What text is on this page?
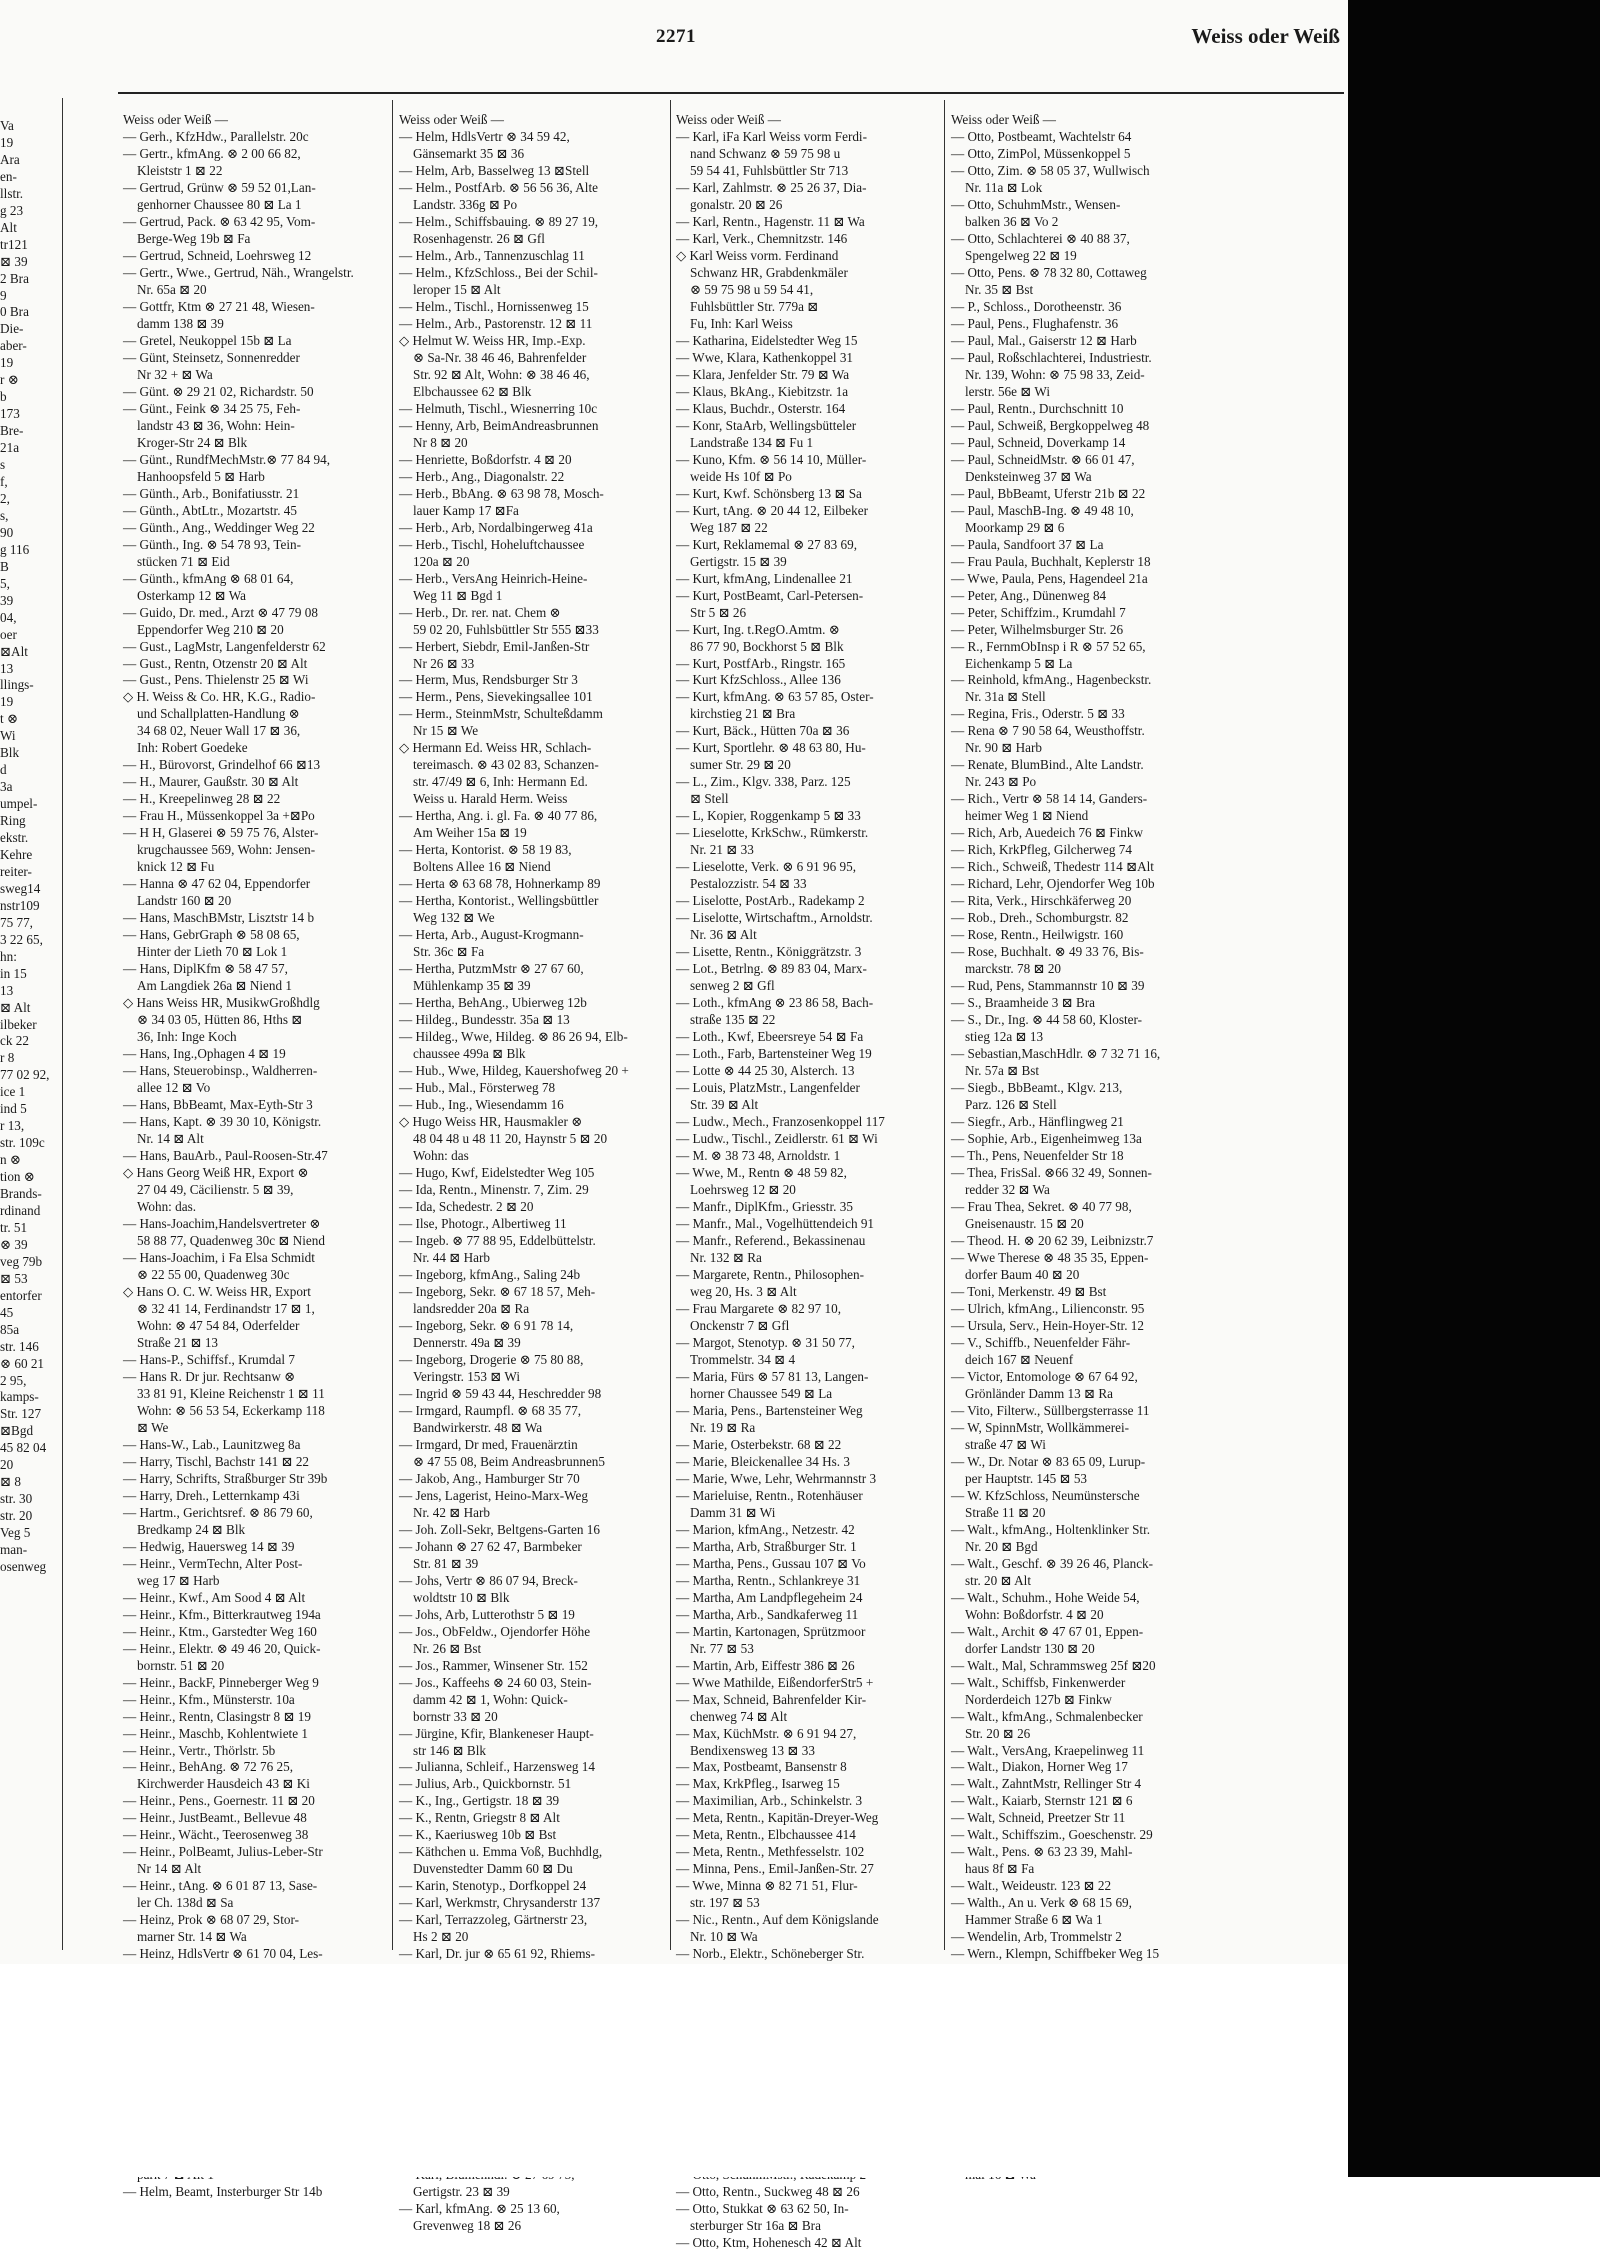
2271	Weiss oder Weiß
Va
19
Ara
en-
llstr.
g 23
Alt
tr121
⊠ 39
2 Bra
9
0 Bra
Die-
aber-
19
r ⊗
b
173
Bre-
21a
s
f,
2,
s,
90
g 116
B
5,
39
04,
oer
⊠Alt
13
llings-
19
t ⊗
Wi
Blk
d
3a
umpel-
Ring
ekstr.
Kehre
reiter-
sweg14
nstr109
75 77,
3 22 65,
hn:
in 15
13
⊠ Alt
ilbeker
ck 22
r 8
77 02 92,
ice 1
ind 5
r 13,
str. 109c
n ⊗
tion ⊗
Brands-
rdinand
tr. 51
⊗ 39
veg 79b
⊠ 53
entorfer
45
85a
str. 146
⊗ 60 21
2 95,
kamps-
Str. 127
⊠Bgd
45 82 04
20
⊠ 8
str. 30
str. 20
Veg 5
man-
osenweg
Weiss oder Weiß —
— Gerh., KfzHdw., Parallelstr. 20c
— Gertr., kfmAng. ⊗ 2 00 66 82,
Kleiststr 1 ⊠ 22
— Gertrud, Grünw ⊗ 59 52 01,Lan-
genhorner Chaussee 80 ⊠ La 1
— Gertrud, Pack. ⊗ 63 42 95, Vom-
Berge-Weg 19b ⊠ Fa
— Gertrud, Schneid, Loehrsweg 12
— Gertr., Wwe., Gertrud, Näh., Wrangelstr.
Nr. 65a ⊠ 20
— Gottfr, Ktm ⊗ 27 21 48, Wiesen-
damm 138 ⊠ 39
— Gretel, Neukoppel 15b ⊠ La
— Günt, Steinsetz, Sonnenredder
Nr 32 + ⊠ Wa
— Günt. ⊗ 29 21 02, Richardstr. 50
— Günt., Feink ⊗ 34 25 75, Feh-
landstr 43 ⊠ 36, Wohn: Hein-
Kroger-Str 24 ⊠ Blk
— Günt., RundfMechMstr.⊗ 77 84 94,
Hanhoopsfeld 5 ⊠ Harb
— Günth., Arb., Bonifatiusstr. 21
— Günth., AbtLtr., Mozartstr. 45
— Günth., Ang., Weddinger Weg 22
— Günth., Ing. ⊗ 54 78 93, Tein-
stücken 71 ⊠ Eid
— Günth., kfmAng ⊗ 68 01 64,
Osterkamp 12 ⊠ Wa
— Guido, Dr. med., Arzt ⊗ 47 79 08
Eppendorfer Weg 210 ⊠ 20
— Gust., LagMstr, Langenfelderstr 62
— Gust., Rentn, Otzenstr 20 ⊠ Alt
— Gust., Pens. Thielenstr 25 ⊠ Wi
◇ H. Weiss & Co. HR, K.G., Radio-
und Schallplatten-Handlung ⊗
34 68 02, Neuer Wall 17 ⊠ 36,
Inh: Robert Goedeke
— H., Bürovorst, Grindelhof 66 ⊠13
— H., Maurer, Gaußstr. 30 ⊠ Alt
— H., Kreepelinweg 28 ⊠ 22
— Frau H., Müssenkoppel 3a +⊠Po
— H H, Glaserei ⊗ 59 75 76, Alster-
krugchaussee 569, Wohn: Jensen-
knick 12 ⊠ Fu
— Hanna ⊗ 47 62 04, Eppendorfer
Landstr 160 ⊠ 20
— Hans, MaschBMstr, Lisztstr 14 b
— Hans, GebrGraph ⊗ 58 08 65,
Hinter der Lieth 70 ⊠ Lok 1
— Hans, DiplKfm ⊗ 58 47 57,
Am Langdiek 26a ⊠ Niend 1
◇ Hans Weiss HR, MusikwGroßhdlg
⊗ 34 03 05, Hütten 86, Hths ⊠
36, Inh: Inge Koch
— Hans, Ing.,Ophagen 4 ⊠ 19
— Hans, Steuerobinsp., Waldherren-
allee 12 ⊠ Vo
— Hans, BbBeamt, Max-Eyth-Str 3
— Hans, Kapt. ⊗ 39 30 10, Königstr.
Nr. 14 ⊠ Alt
— Hans, BauArb., Paul-Roosen-Str.47
◇ Hans Georg Weiß HR, Export ⊗
27 04 49, Cäcilienstr. 5 ⊠ 39,
Wohn: das.
— Hans-Joachim,Handelsvertreter ⊗
58 88 77, Quadenweg 30c ⊠ Niend
— Hans-Joachim, i Fa Elsa Schmidt
⊗ 22 55 00, Quadenweg 30c
◇ Hans O. C. W. Weiss HR, Export
⊗ 32 41 14, Ferdinandstr 17 ⊠ 1,
Wohn: ⊗ 47 54 84, Oderfelder
Straße 21 ⊠ 13
— Hans-P., Schiffsf., Krumdal 7
— Hans R. Dr jur. Rechtsanw ⊗
33 81 91, Kleine Reichenstr 1 ⊠ 11
Wohn: ⊗ 56 53 54, Eckerkamp 118
⊠ We
— Hans-W., Lab., Launitzweg 8a
— Harry, Tischl, Bachstr 141 ⊠ 22
— Harry, Schrifts, Straßburger Str 39b
— Harry, Dreh., Letternkamp 43i
— Hartm., Gerichtsref. ⊗ 86 79 60,
Bredkamp 24 ⊠ Blk
— Hedwig, Hauersweg 14 ⊠ 39
— Heinr., VermTechn, Alter Post-
weg 17 ⊠ Harb
— Heinr., Kwf., Am Sood 4 ⊠ Alt
— Heinr., Kfm., Bitterkrautweg 194a
— Heinr., Ktm., Garstedter Weg 160
— Heinr., Elektr. ⊗ 49 46 20, Quick-
bornstr. 51 ⊠ 20
— Heinr., BackF, Pinneberger Weg 9
— Heinr., Kfm., Münsterstr. 10a
— Heinr., Rentn, Clasingstr 8 ⊠ 19
— Heinr., Maschb, Kohlentwiete 1
— Heinr., Vertr., Thörlstr. 5b
— Heinr., BehAng. ⊗ 72 76 25,
Kirchwerder Hausdeich 43 ⊠ Ki
— Heinr., Pens., Goernestr. 11 ⊠ 20
— Heinr., JustBeamt., Bellevue 48
— Heinr., Wächt., Teerosenweg 38
— Heinr., PolBeamt, Julius-Leber-Str
Nr 14 ⊠ Alt
— Heinr., tAng. ⊗ 6 01 87 13, Sase-
ler Ch. 138d ⊠ Sa
— Heinz, Prok ⊗ 68 07 29, Stor-
marner Str. 14 ⊠ Wa
— Heinz, HdlsVertr ⊗ 61 70 04, Les-
— Helm, Beamt, Insterburger Str 14b
Weiss oder Weiß —
— Helm, HdlsVertr ⊗ 34 59 42,
Gänsemarkt 35 ⊠ 36
— Helm, Arb, Basselweg 13 ⊠Stell
— Helm., PostfArb. ⊗ 56 56 36, Alte
Landstr. 336g ⊠ Po
— Helm., Schiffsbauing. ⊗ 89 27 19,
Rosenhagenstr. 26 ⊠ Gfl
— Helm., Arb., Tannenzuschlag 11
— Helm., KfzSchloss., Bei der Schil-
leroper 15 ⊠ Alt
— Helm., Tischl., Hornissenweg 15
— Helm., Arb., Pastorenstr. 12 ⊠ 11
◇ Helmut W. Weiss HR, Imp.-Exp.
⊗ Sa-Nr. 38 46 46, Bahrenfelder
Str. 92 ⊠ Alt, Wohn: ⊗ 38 46 46,
Elbchaussee 62 ⊠ Blk
— Helmuth, Tischl., Wiesnerring 10c
— Henny, Arb, BeimAndreasbrunnen
Nr 8 ⊠ 20
— Henriette, Boßdorfstr. 4 ⊠ 20
— Herb., Ang., Diagonalstr. 22
— Herb., BbAng. ⊗ 63 98 78, Mosch-
lauer Kamp 17 ⊠Fa
— Herb., Arb, Nordalbingerweg 41a
— Herb., Tischl, Hoheluftchaussee
120a ⊠ 20
— Herb., VersAng Heinrich-Heine-
Weg 11 ⊠ Bgd 1
— Herb., Dr. rer. nat. Chem ⊗
59 02 20, Fuhlsbüttler Str 555 ⊠33
— Herbert, Siebdr, Emil-Janßen-Str
Nr 26 ⊠ 33
— Herm, Mus, Rendsburger Str 3
— Herm., Pens, Sievekingsallee 101
— Herm., SteinmMstr, Schulteßdamm
Nr 15 ⊠ We
◇ Hermann Ed. Weiss HR, Schlach-
tereimasch. ⊗ 43 02 83, Schanzen-
str. 47/49 ⊠ 6, Inh: Hermann Ed.
Weiss u. Harald Herm. Weiss
— Hertha, Ang. i. gl. Fa. ⊗ 40 77 86,
Am Weiher 15a ⊠ 19
— Herta, Kontorist. ⊗ 58 19 83,
Boltens Allee 16 ⊠ Niend
— Herta ⊗ 63 68 78, Hohnerkamp 89
— Hertha, Kontorist., Wellingsbüttler
Weg 132 ⊠ We
— Herta, Arb., August-Krogmann-
Str. 36c ⊠ Fa
— Hertha, PutzmMstr ⊗ 27 67 60,
Mühlenkamp 35 ⊠ 39
— Hertha, BehAng., Ubierweg 12b
— Hildeg., Bundesstr. 35a ⊠ 13
— Hildeg., Wwe, Hildeg. ⊗ 86 26 94, Elb-
chaussee 499a ⊠ Blk
— Hub., Wwe, Hildeg, Kauershofweg 20 +
— Hub., Mal., Försterweg 78
— Hub., Ing., Wiesendamm 16
◇ Hugo Weiss HR, Hausmakler ⊗
48 04 48 u 48 11 20, Haynstr 5 ⊠ 20
Wohn: das
— Hugo, Kwf, Eidelstedter Weg 105
— Ida, Rentn., Minenstr. 7, Zim. 29
— Ida, Schedestr. 2 ⊠ 20
— Ilse, Photogr., Albertiweg 11
— Ingeb. ⊗ 77 88 95, Eddelbüttelstr.
Nr. 44 ⊠ Harb
— Ingeborg, kfmAng., Saling 24b
— Ingeborg, Sekr. ⊗ 67 18 57, Meh-
landsredder 20a ⊠ Ra
— Ingeborg, Sekr. ⊗ 6 91 78 14,
Dennerstr. 49a ⊠ 39
— Ingeborg, Drogerie ⊗ 75 80 88,
Veringstr. 153 ⊠ Wi
— Ingrid ⊗ 59 43 44, Heschredder 98
— Irmgard, Raumpfl. ⊗ 68 35 77,
Bandwirkerstr. 48 ⊠ Wa
— Irmgard, Dr med, Frauenärztin
⊗ 47 55 08, Beim Andreasbrunnen5
— Jakob, Ang., Hamburger Str 70
— Jens, Lagerist, Heino-Marx-Weg
Nr. 42 ⊠ Harb
— Joh. Zoll-Sekr, Beltgens-Garten 16
— Johann ⊗ 27 62 47, Barmbeker
Str. 81 ⊠ 39
— Johs, Vertr ⊗ 86 07 94, Breck-
woldtstr 10 ⊠ Blk
— Johs, Arb, Lutterothstr 5 ⊠ 19
— Jos., ObFeldw., Ojendorfer Höhe
Nr. 26 ⊠ Bst
— Jos., Rammer, Winsener Str. 152
— Jos., Kaffeehs ⊗ 24 60 03, Stein-
damm 42 ⊠ 1, Wohn: Quick-
bornstr 33 ⊠ 20
— Jürgine, Kfir, Blankeneser Haupt-
str 146 ⊠ Blk
— Julianna, Schleif., Harzensweg 14
— Julius, Arb., Quickbornstr. 51
— K., Ing., Gertigstr. 18 ⊠ 39
— K., Rentn, Griegstr 8 ⊠ Alt
— K., Kaeriusweg 10b ⊠ Bst
— Käthchen u. Emma Voß, Buchhdlg,
Duvenstedter Damm 60 ⊠ Du
— Karin, Stenotyp., Dorfkoppel 24
— Karl, Werkmstr, Chrysanderstr 137
— Karl, Terrazzoleg, Gärtnerstr 23,
Hs 2 ⊠ 20
— Karl, Dr. jur ⊗ 65 61 92, Rhiems-
Gertigstr. 23 ⊠ 39
— Karl, kfmAng. ⊗ 25 13 60,
Grevenweg 18 ⊠ 26
Weiss oder Weiß —
— Karl, iFa Karl Weiss vorm Ferdi-
nand Schwanz ⊗ 59 75 98 u
59 54 41, Fuhlsbüttler Str 713
— Karl, Zahlmstr. ⊗ 25 26 37, Dia-
gonalstr. 20 ⊠ 26
— Karl, Rentn., Hagenstr. 11 ⊠ Wa
— Karl, Verk., Chemnitzstr. 146
◇ Karl Weiss vorm. Ferdinand
Schwanz HR, Grabdenkmäler
⊗ 59 75 98 u 59 54 41,
Fuhlsbüttler Str. 779a ⊠
Fu, Inh: Karl Weiss
— Katharina, Eidelstedter Weg 15
— Wwe, Klara, Kathenkoppel 31
— Klara, Jenfelder Str. 79 ⊠ Wa
— Klaus, BkAng., Kiebitzstr. 1a
— Klaus, Buchdr., Osterstr. 164
— Konr, StaArb, Wellingsbütteler
Landstraße 134 ⊠ Fu 1
— Kuno, Kfm. ⊗ 56 14 10, Müller-
weide Hs 10f ⊠ Po
— Kurt, Kwf. Schönsberg 13 ⊠ Sa
— Kurt, tAng. ⊗ 20 44 12, Eilbeker
Weg 187 ⊠ 22
— Kurt, Reklamemal ⊗ 27 83 69,
Gertigstr. 15 ⊠ 39
— Kurt, kfmAng, Lindenallee 21
— Kurt, PostBeamt, Carl-Petersen-
Str 5 ⊠ 26
— Kurt, Ing. t.RegO.Amtm. ⊗
86 77 90, Bockhorst 5 ⊠ Blk
— Kurt, PostfArb., Ringstr. 165
— Kurt KfzSchloss., Allee 136
— Kurt, kfmAng. ⊗ 63 57 85, Oster-
kirchstieg 21 ⊠ Bra
— Kurt, Bäck., Hütten 70a ⊠ 36
— Kurt, Sportlehr. ⊗ 48 63 80, Hu-
sumer Str. 29 ⊠ 20
— L., Zim., Klgv. 338, Parz. 125
⊠ Stell
— L, Kopier, Roggenkamp 5 ⊠ 33
— Lieselotte, KrkSchw., Rümkerstr.
Nr. 21 ⊠ 33
— Lieselotte, Verk. ⊗ 6 91 96 95,
Pestalozzistr. 54 ⊠ 33
— Liselotte, PostArb., Radekamp 2
— Liselotte, Wirtschaftm., Arnoldstr.
Nr. 36 ⊠ Alt
— Lisette, Rentn., Königgrätzstr. 3
— Lot., Betrlng. ⊗ 89 83 04, Marx-
senweg 2 ⊠ Gfl
— Loth., kfmAng ⊗ 23 86 58, Bach-
straße 135 ⊠ 22
— Loth., Kwf, Ebeersreye 54 ⊠ Fa
— Loth., Farb, Bartensteiner Weg 19
— Lotte ⊗ 44 25 30, Alsterch. 13
— Louis, PlatzMstr., Langenfelder
Str. 39 ⊠ Alt
— Ludw., Mech., Franzosenkoppel 117
— Ludw., Tischl., Zeidlerstr. 61 ⊠ Wi
— M. ⊗ 38 73 48, Arnoldstr. 1
— Wwe, M., Rentn ⊗ 48 59 82,
Loehrsweg 12 ⊠ 20
— Manfr., DiplKfm., Griesstr. 35
— Manfr., Mal., Vogelhüttendeich 91
— Manfr., Referend., Bekassinenau
Nr. 132 ⊠ Ra
— Margarete, Rentn., Philosophen-
weg 20, Hs. 3 ⊠ Alt
— Frau Margarete ⊗ 82 97 10,
Onckenstr 7 ⊠ Gfl
— Margot, Stenotyp. ⊗ 31 50 77,
Trommelstr. 34 ⊠ 4
— Maria, Fürs ⊗ 57 81 13, Langen-
horner Chaussee 549 ⊠ La
— Maria, Pens., Bartensteiner Weg
Nr. 19 ⊠ Ra
— Marie, Osterbekstr. 68 ⊠ 22
— Marie, Bleickenallee 34 Hs. 3
— Marie, Wwe, Lehr, Wehrmannstr 3
— Marieluise, Rentn., Rotenhäuser
Damm 31 ⊠ Wi
— Marion, kfmAng., Netzestr. 42
— Martha, Arb, Straßburger Str. 1
— Martha, Pens., Gussau 107 ⊠ Vo
— Martha, Rentn., Schlankreye 31
— Martha, Am Landpflegeheim 24
— Martha, Arb., Sandkaferweg 11
— Martin, Kartonagen, Sprützmoor
Nr. 77 ⊠ 53
— Martin, Arb, Eiffestr 386 ⊠ 26
— Wwe Mathilde, EißendorferStr5 +
— Max, Schneid, Bahrenfelder Kir-
chenweg 74 ⊠ Alt
— Max, KüchMstr. ⊗ 6 91 94 27,
Bendixensweg 13 ⊠ 33
— Max, Postbeamt, Bansenstr 8
— Max, KrkPfleg., Isarweg 15
— Maximilian, Arb., Schinkelstr. 3
— Meta, Rentn., Kapitän-Dreyer-Weg
— Meta, Rentn., Elbchaussee 414
— Meta, Rentn., Methfesselstr. 102
— Minna, Pens., Emil-Janßen-Str. 27
— Wwe, Minna ⊗ 82 71 51, Flur-
str. 197 ⊠ 53
— Nic., Rentn., Auf dem Königslande
Nr. 10 ⊠ Wa
— Norb., Elektr., Schöneberger Str.
— Otto, Rentn., Suckweg 48 ⊠ 26
— Otto, Stukkat ⊗ 63 62 50, In-
sterburger Str 16a ⊠ Bra
— Otto, Ktm, Hohenesch 42 ⊠ Alt
Weiss oder Weiß —
— Otto, Postbeamt, Wachtelstr 64
— Otto, ZimPol, Müssenkoppel 5
— Otto, Zim. ⊗ 58 05 37, Wullwisch
Nr. 11a ⊠ Lok
— Otto, SchuhmMstr., Wensen-
balken 36 ⊠ Vo 2
— Otto, Schlachterei ⊗ 40 88 37,
Spengelweg 22 ⊠ 19
— Otto, Pens. ⊗ 78 32 80, Cottaweg
Nr. 35 ⊠ Bst
— P., Schloss., Dorotheenstr. 36
— Paul, Pens., Flughafenstr. 36
— Paul, Mal., Gaiserstr 12 ⊠ Harb
— Paul, Roßschlachterei, Industriestr.
Nr. 139, Wohn: ⊗ 75 98 33, Zeid-
lerstr. 56e ⊠ Wi
— Paul, Rentn., Durchschnitt 10
— Paul, Schweiß, Bergkoppelweg 48
— Paul, Schneid, Doverkamp 14
— Paul, SchneidMstr. ⊗ 66 01 47,
Denksteinweg 37 ⊠ Wa
— Paul, BbBeamt, Uferstr 21b ⊠ 22
— Paul, MaschB-Ing. ⊗ 49 48 10,
Moorkamp 29 ⊠ 6
— Paula, Sandfoort 37 ⊠ La
— Frau Paula, Buchhalt, Keplerstr 18
— Wwe, Paula, Pens, Hagendeel 21a
— Peter, Ang., Dünenweg 84
— Peter, Schiffzim., Krumdahl 7
— Peter, Wilhelmsburger Str. 26
— R., FernmObInsp i R ⊗ 57 52 65,
Eichenkamp 5 ⊠ La
— Reinhold, kfmAng., Hagenbeckstr.
Nr. 31a ⊠ Stell
— Regina, Fris., Oderstr. 5 ⊠ 33
— Rena ⊗ 7 90 58 64, Weusthoffstr.
Nr. 90 ⊠ Harb
— Renate, BlumBind., Alte Landstr.
Nr. 243 ⊠ Po
— Rich., Vertr ⊗ 58 14 14, Ganders-
heimer Weg 1 ⊠ Niend
— Rich, Arb, Auedeich 76 ⊠ Finkw
— Rich, KrkPfleg, Gilcherweg 74
— Rich., Schweiß, Thedestr 114 ⊠Alt
— Richard, Lehr, Ojendorfer Weg 10b
— Rita, Verk., Hirschkäferweg 20
— Rob., Dreh., Schomburgstr. 82
— Rose, Rentn., Heilwigstr. 160
— Rose, Buchhalt. ⊗ 49 33 76, Bis-
marckstr. 78 ⊠ 20
— Rud, Pens, Stammannstr 10 ⊠ 39
— S., Braamheide 3 ⊠ Bra
— S., Dr., Ing. ⊗ 44 58 60, Kloster-
stieg 12a ⊠ 13
— Sebastian,MaschHdlr. ⊗ 7 32 71 16,
Nr. 57a ⊠ Bst
— Siegb., BbBeamt., Klgv. 213,
Parz. 126 ⊠ Stell
— Siegfr., Arb., Hänflingweg 21
— Sophie, Arb., Eigenheimweg 13a
— Th., Pens, Neuenfelder Str 18
— Thea, FrisSal. ⊗66 32 49, Sonnen-
redder 32 ⊠ Wa
— Frau Thea, Sekret. ⊗ 40 77 98,
Gneisenaustr. 15 ⊠ 20
— Theod. H. ⊗ 20 62 39, Leibnizstr.7
— Wwe Therese ⊗ 48 35 35, Eppen-
dorfer Baum 40 ⊠ 20
— Toni, Merkenstr. 49 ⊠ Bst
— Ulrich, kfmAng., Lilienconstr. 95
— Ursula, Serv., Hein-Hoyer-Str. 12
— V., Schiffb., Neuenfelder Fähr-
deich 167 ⊠ Neuenf
— Victor, Entomologe ⊗ 67 64 92,
Grönländer Damm 13 ⊠ Ra
— Vito, Filterw., Süllbergsterrasse 11
— W, SpinnMstr, Wollkämmerei-
straße 47 ⊠ Wi
— W., Dr. Notar ⊗ 83 65 09, Lurup-
per Hauptstr. 145 ⊠ 53
— W. KfzSchloss, Neumünstersche
Straße 11 ⊠ 20
— Walt., kfmAng., Holtenklinker Str.
Nr. 20 ⊠ Bgd
— Walt., Geschf. ⊗ 39 26 46, Planck-
str. 20 ⊠ Alt
— Walt., Schuhm., Hohe Weide 54,
Wohn: Boßdorfstr. 4 ⊠ 20
— Walt., Archit ⊗ 47 67 01, Eppen-
dorfer Landstr 130 ⊠ 20
— Walt., Mal, Schrammsweg 25f ⊠20
— Walt., Schiffsb, Finkenwerder
Norderdeich 127b ⊠ Finkw
— Walt., kfmAng., Schmalenbecker
Str. 20 ⊠ 26
— Walt., VersAng, Kraepelinweg 11
— Walt., Diakon, Horner Weg 17
— Walt., ZahntMstr, Rellinger Str 4
— Walt., Kaiarb, Sternstr 121 ⊠ 6
— Walt, Schneid, Preetzer Str 11
— Walt., Schiffszim., Goeschenstr. 29
— Walt., Pens. ⊗ 63 23 39, Mahl-
haus 8f ⊠ Fa
— Walt., Weideustr. 123 ⊠ 22
— Walth., An u. Verk ⊗ 68 15 69,
Hammer Straße 6 ⊠ Wa 1
— Wendelin, Arb, Trommelstr 2
— Wern., Klempn, Schiffbeker Weg 15
